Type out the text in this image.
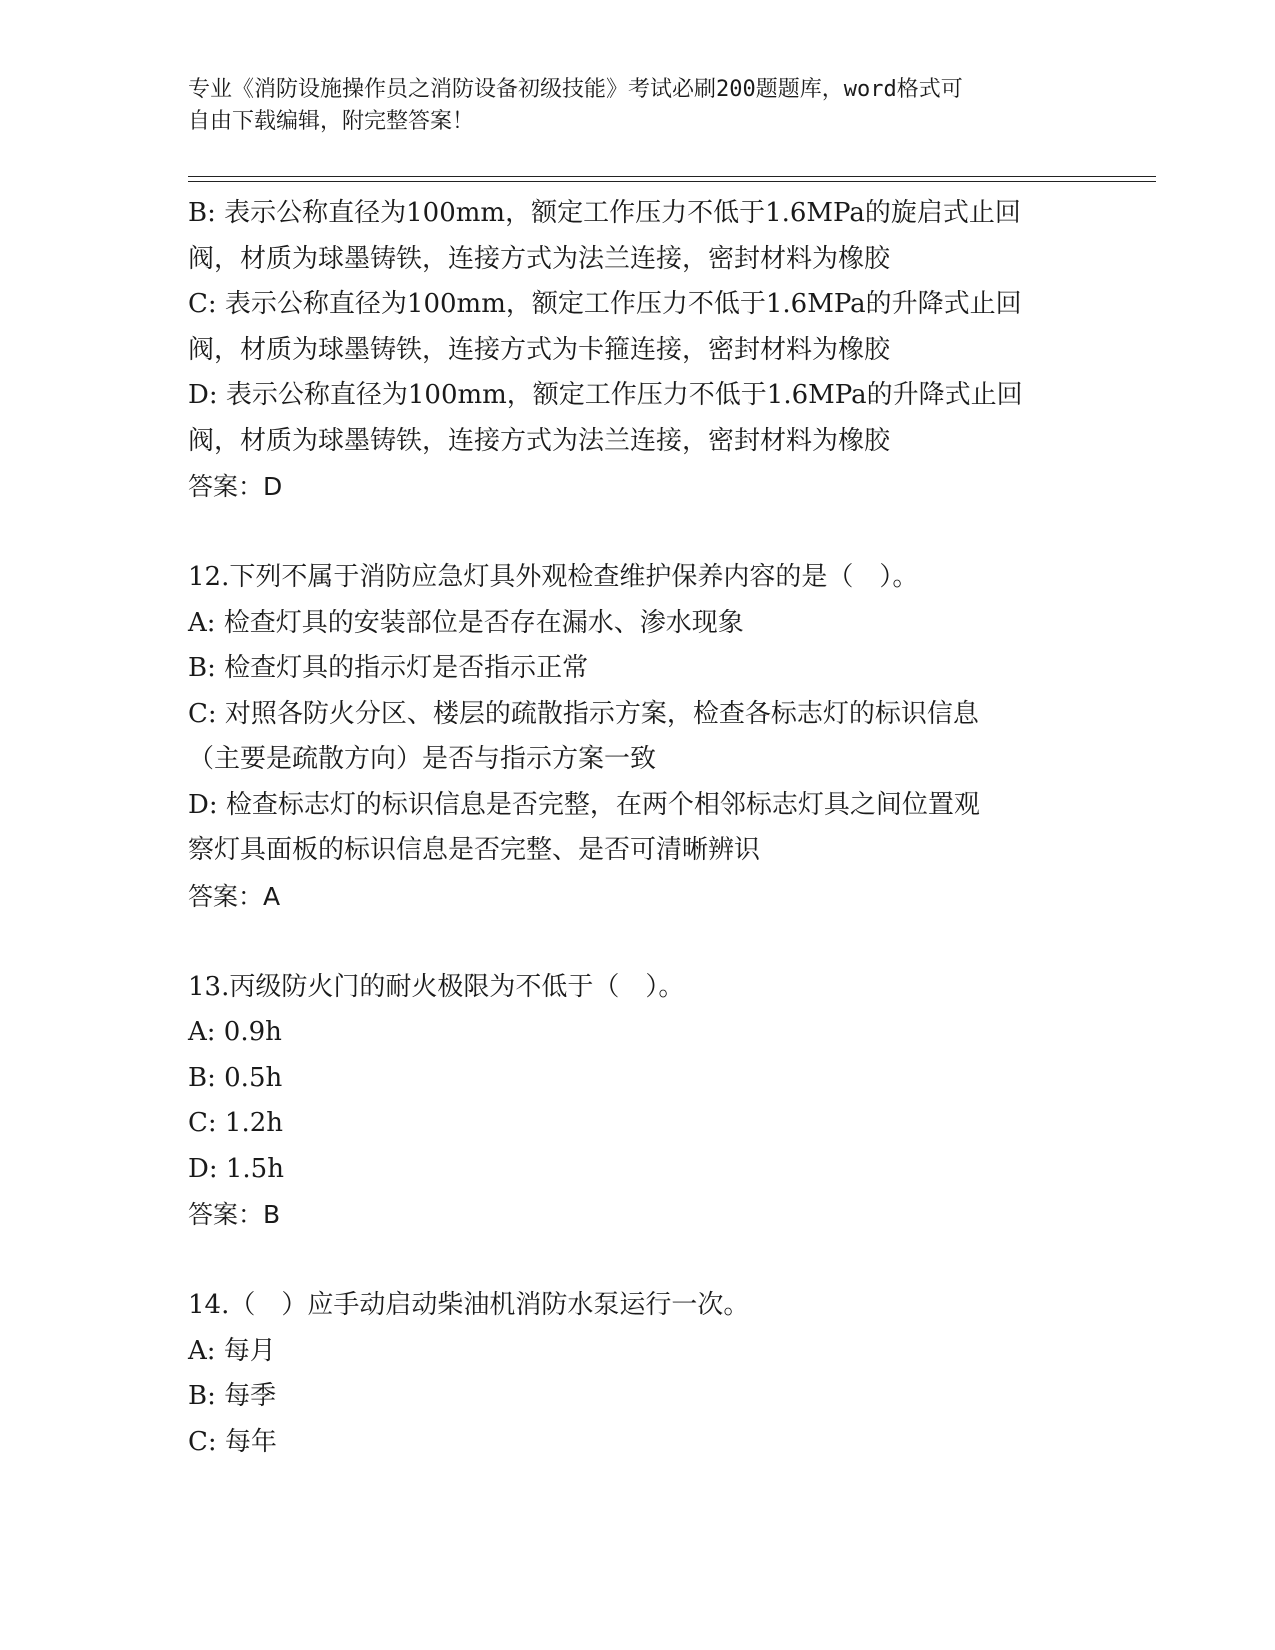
专业《消防设施操作员之消防设备初级技能》考试必刷200题题库，word格式可
自由下载编辑，附完整答案！
B: 表示公称直径为100mm，额定工作压力不低于1.6MPa的旋启式止回
阀，材质为球墨铸铁，连接方式为法兰连接，密封材料为橡胶
C: 表示公称直径为100mm，额定工作压力不低于1.6MPa的升降式止回
阀，材质为球墨铸铁，连接方式为卡箍连接，密封材料为橡胶
D: 表示公称直径为100mm，额定工作压力不低于1.6MPa的升降式止回
阀，材质为球墨铸铁，连接方式为法兰连接，密封材料为橡胶
答案：D
12.下列不属于消防应急灯具外观检查维护保养内容的是（　）。
A: 检查灯具的安装部位是否存在漏水、渗水现象
B: 检查灯具的指示灯是否指示正常
C: 对照各防火分区、楼层的疏散指示方案，检查各标志灯的标识信息
（主要是疏散方向）是否与指示方案一致
D: 检查标志灯的标识信息是否完整，在两个相邻标志灯具之间位置观
察灯具面板的标识信息是否完整、是否可清晰辨识
答案：A
13.丙级防火门的耐火极限为不低于（　）。
A: 0.9h
B: 0.5h
C: 1.2h
D: 1.5h
答案：B
14.（　）应手动启动柴油机消防水泵运行一次。
A: 每月
B: 每季
C: 每年
